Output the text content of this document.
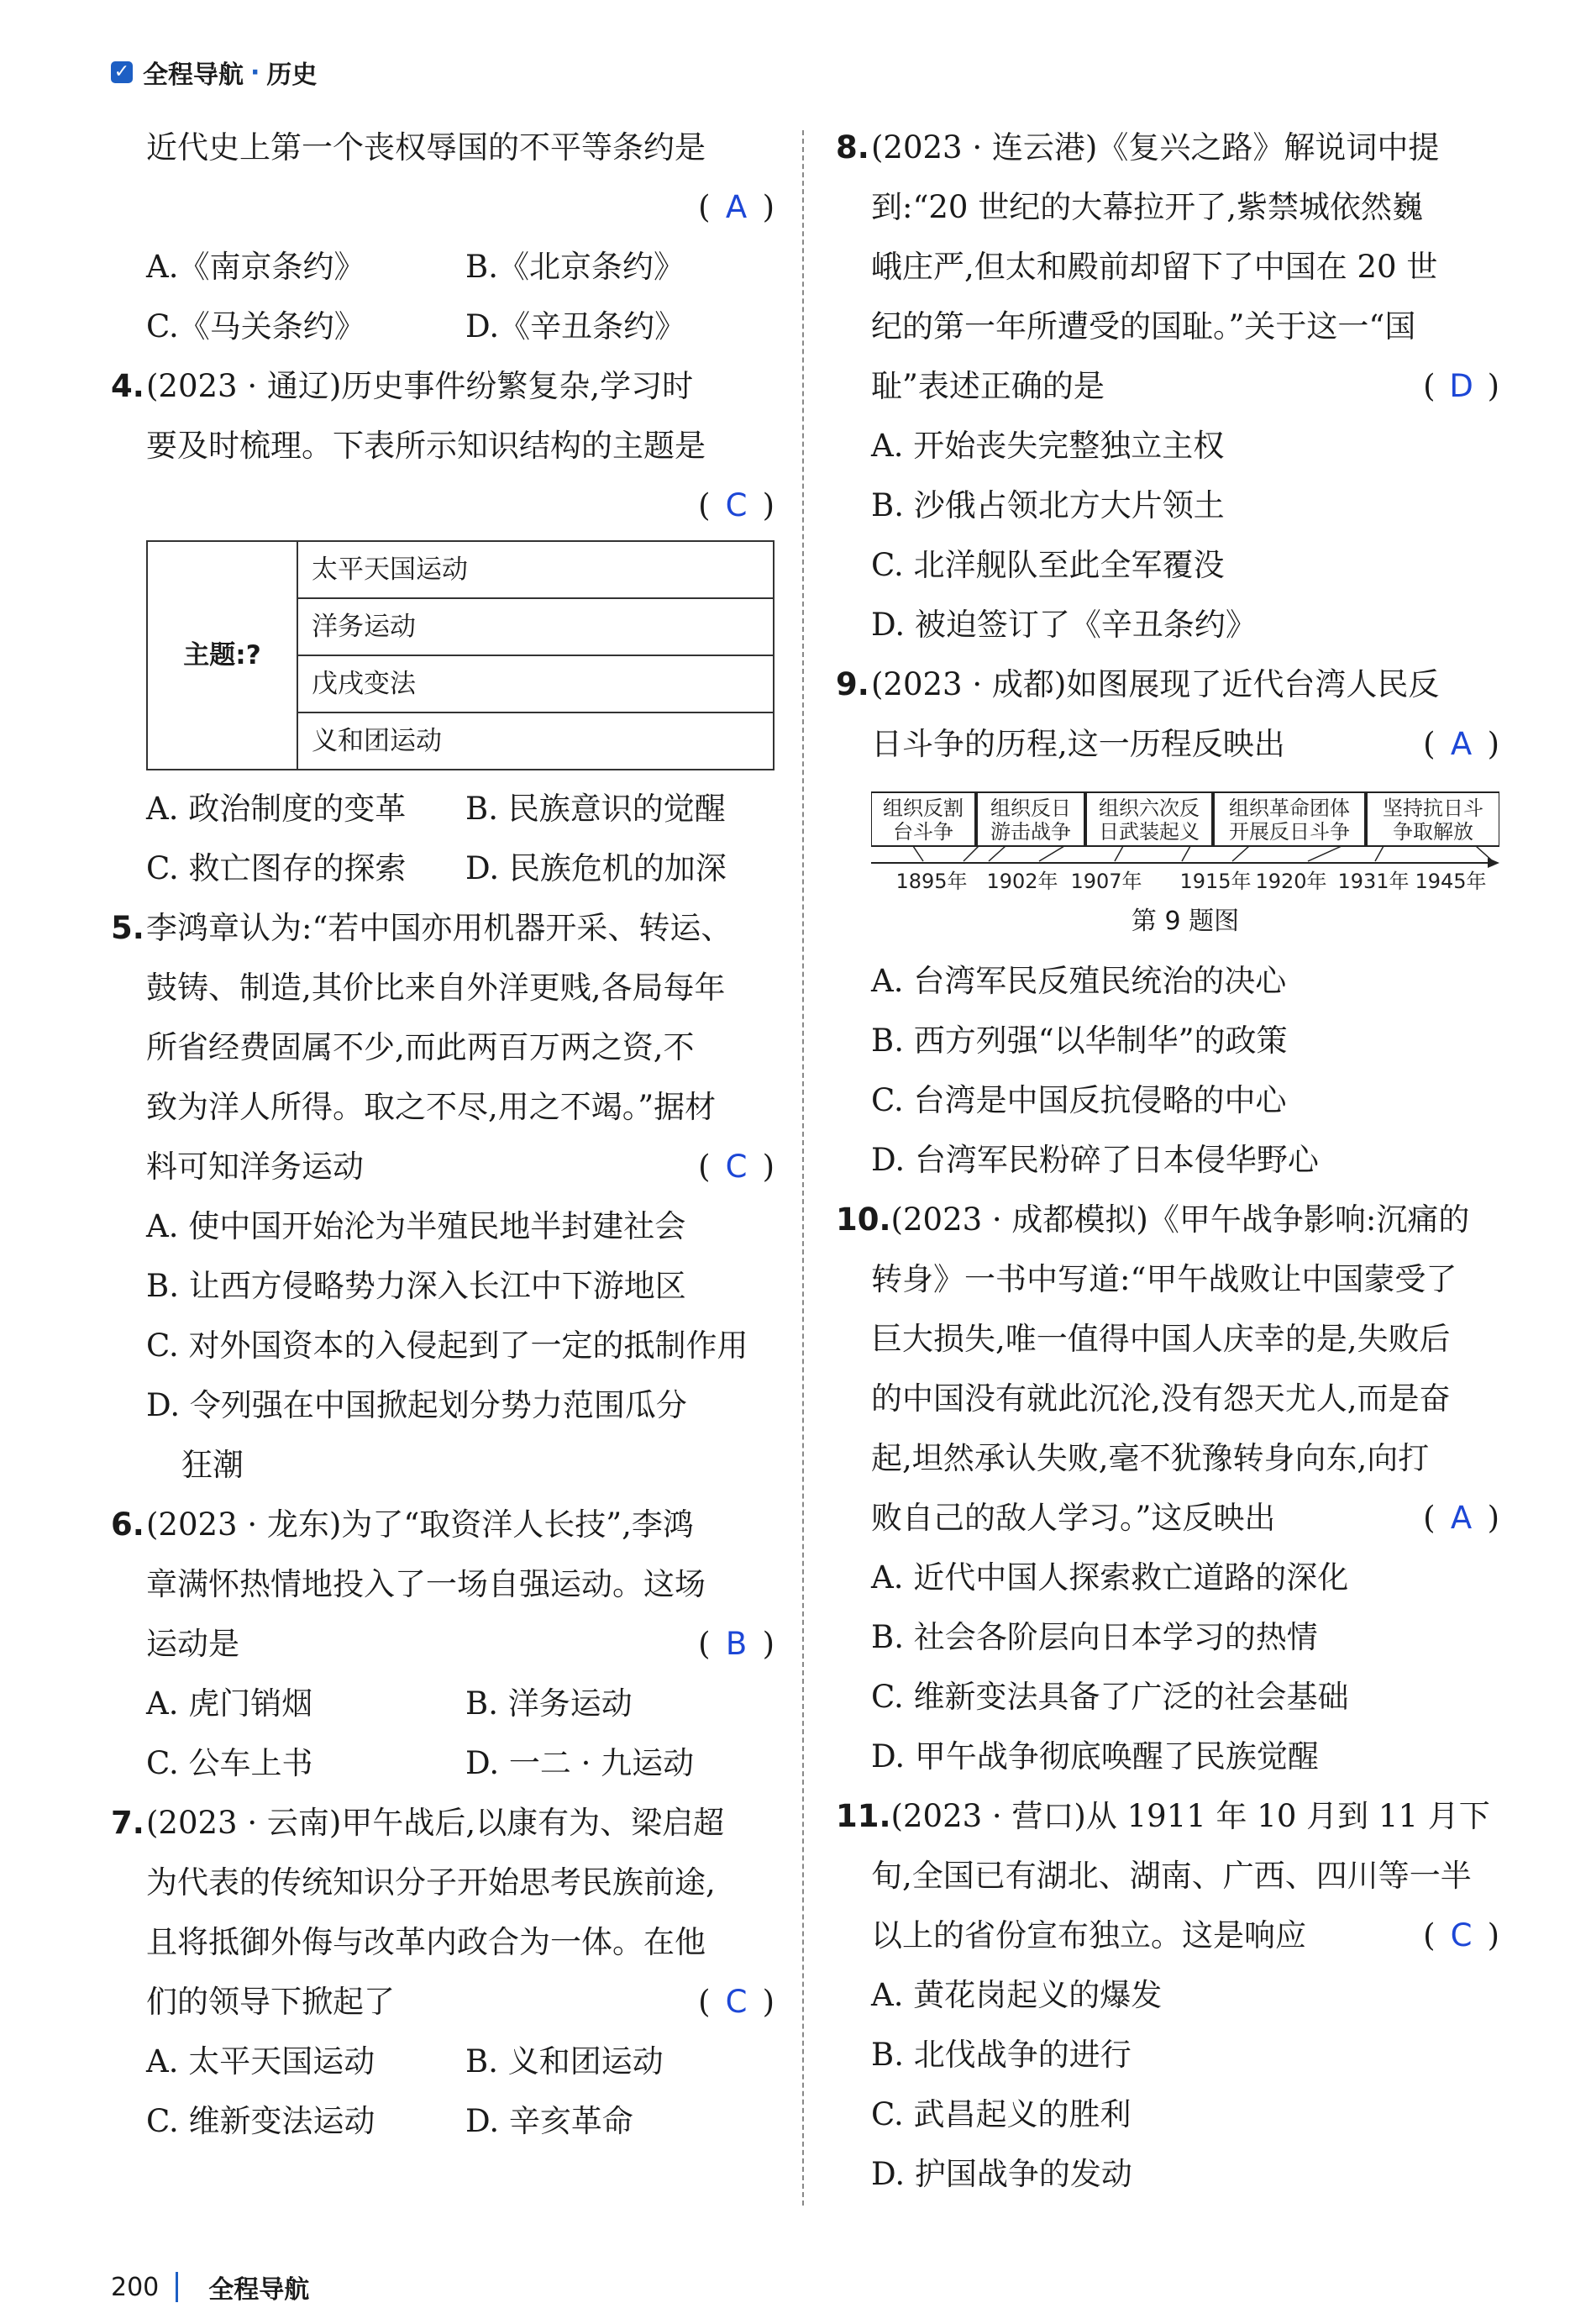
✓ 全程导航 · 历史
近代史上第一个丧权辱国的不平等条约是

( A )
A.《南京条约》	B.《北京条约》
C.《马关条约》	D.《辛丑条约》
4.(2023 · 通辽)历史事件纷繁复杂,学习时
要及时梳理。下表所示知识结构的主题是

( C )
主题:?	太平天国运动
洋务运动
戊戌变法
义和团运动
A. 政治制度的变革	B. 民族意识的觉醒
C. 救亡图存的探索	D. 民族危机的加深
5.李鸿章认为:“若中国亦用机器开采、转运、
鼓铸、制造,其价比来自外洋更贱,各局每年
所省经费固属不少,而此两百万两之资,不
致为洋人所得。取之不尽,用之不竭。”据材
料可知洋务运动	( C )
A. 使中国开始沦为半殖民地半封建社会
B. 让西方侵略势力深入长江中下游地区
C. 对外国资本的入侵起到了一定的抵制作用
D. 令列强在中国掀起划分势力范围瓜分
狂潮
6.(2023 · 龙东)为了“取资洋人长技”,李鸿
章满怀热情地投入了一场自强运动。这场
运动是	( B )
A. 虎门销烟	B. 洋务运动
C. 公车上书	D. 一二 · 九运动
7.(2023 · 云南)甲午战后,以康有为、梁启超
为代表的传统知识分子开始思考民族前途,
且将抵御外侮与改革内政合为一体。在他
们的领导下掀起了	( C )
A. 太平天国运动	B. 义和团运动
C. 维新变法运动	D. 辛亥革命
8.(2023 · 连云港)《复兴之路》解说词中提
到:“20 世纪的大幕拉开了,紫禁城依然巍
峨庄严,但太和殿前却留下了中国在 20 世
纪的第一年所遭受的国耻。”关于这一“国
耻”表述正确的是	( D )
A. 开始丧失完整独立主权
B. 沙俄占领北方大片领土
C. 北洋舰队至此全军覆没
D. 被迫签订了《辛丑条约》
9.(2023 · 成都)如图展现了近代台湾人民反
日斗争的历程,这一历程反映出	( A )
组织反割
台斗争
组织反日
游击战争
组织六次反
日武装起义
组织革命团体
开展反日斗争
坚持抗日斗
争取解放
1895年 1902年 1907年 1915年 1920年 1931年 1945年
第 9 题图
A. 台湾军民反殖民统治的决心
B. 西方列强“以华制华”的政策
C. 台湾是中国反抗侵略的中心
D. 台湾军民粉碎了日本侵华野心
10.(2023 · 成都模拟)《甲午战争影响:沉痛的
转身》一书中写道:“甲午战败让中国蒙受了
巨大损失,唯一值得中国人庆幸的是,失败后
的中国没有就此沉沦,没有怨天尤人,而是奋
起,坦然承认失败,毫不犹豫转身向东,向打
败自己的敌人学习。”这反映出	( A )
A. 近代中国人探索救亡道路的深化
B. 社会各阶层向日本学习的热情
C. 维新变法具备了广泛的社会基础
D. 甲午战争彻底唤醒了民族觉醒
11.(2023 · 营口)从 1911 年 10 月到 11 月下
旬,全国已有湖北、湖南、广西、四川等一半
以上的省份宣布独立。这是响应	( C )
A. 黄花岗起义的爆发
B. 北伐战争的进行
C. 武昌起义的胜利
D. 护国战争的发动
200 全程导航
